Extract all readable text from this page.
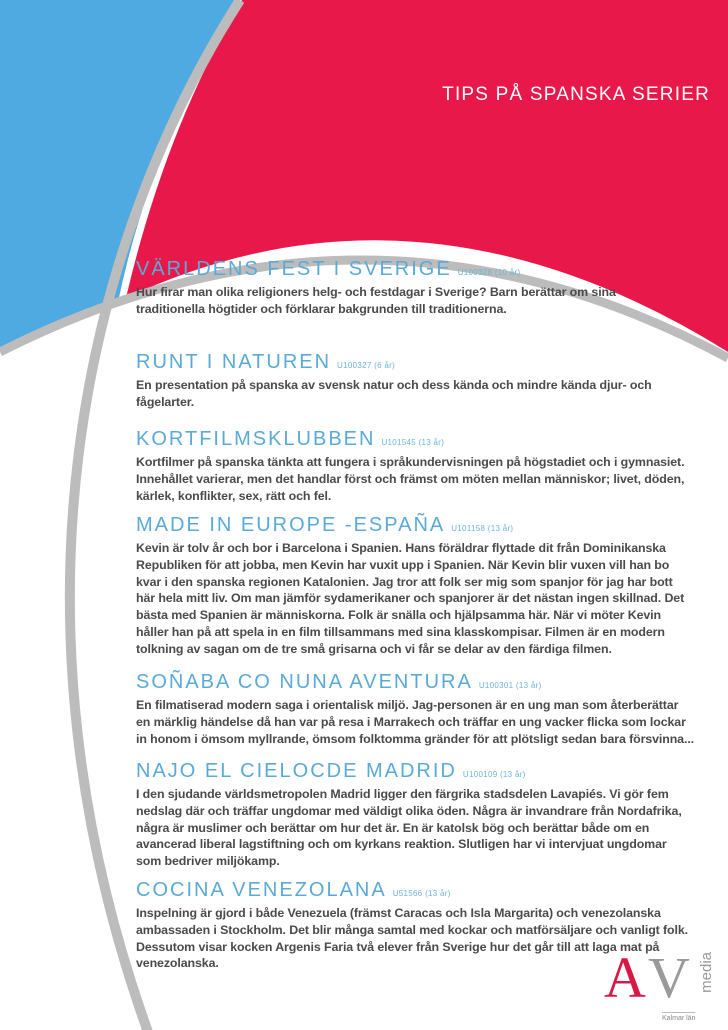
TIPS PÅ SPANSKA SERIER
VÄRLDENS FEST I SVERIGE U100328 (10 år)
Hur firar man olika religioners helg- och festdagar i Sverige? Barn berättar om sina
traditionella högtider och förklarar bakgrunden till traditionerna.
RUNT I NATUREN U100327 (6 år)
En presentation på spanska av svensk natur och dess kända och mindre kända djur- och
fågelarter.
KORTFILMSKLUBBEN U101545 (13 år)
Kortfilmer på spanska tänkta att fungera i språkundervisningen på högstadiet och i gymnasiet.
Innehållet varierar, men det handlar först och främst om möten mellan människor; livet, döden,
kärlek, konflikter, sex, rätt och fel.
MADE IN EUROPE -ESPAÑA U101158 (13 år)
Kevin är tolv år och bor i Barcelona i Spanien. Hans föräldrar flyttade dit från Dominikanska
Republiken för att jobba, men Kevin har vuxit upp i Spanien. När Kevin blir vuxen vill han bo
kvar i den spanska regionen Katalonien. Jag tror att folk ser mig som spanjor för jag har bott
här hela mitt liv. Om man jämför sydamerikaner och spanjorer är det nästan ingen skillnad. Det
bästa med Spanien är människorna. Folk är snälla och hjälpsamma här. När vi möter Kevin
håller han på att spela in en film tillsammans med sina klasskompisar. Filmen är en modern
tolkning av sagan om de tre små grisarna och vi får se delar av den färdiga filmen.
SOÑABA CO NUNA AVENTURA U100301 (13 år)
En filmatiserad modern saga i orientalisk miljö. Jag-personen är en ung man som återberättar
en märklig händelse då han var på resa i Marrakech och träffar en ung vacker flicka som lockar
in honom i ömsom myllrande, ömsom folktomma gränder för att plötsligt sedan bara försvinna...
NAJO EL CIELOCDE MADRID U100109 (13 år)
I den sjudande världsmetropolen Madrid ligger den färgrika stadsdelen Lavapiés. Vi gör fem
nedslag där och träffar ungdomar med väldigt olika öden. Några är invandrare från Nordafrika,
några är muslimer och berättar om hur det är. En är katolsk bög och berättar både om en
avancerad liberal lagstiftning och om kyrkans reaktion. Slutligen har vi intervjuat ungdomar
som bedriver miljökamp.
COCINA VENEZOLANA U51566 (13 år)
Inspelning är gjord i både Venezuela (främst Caracas och Isla Margarita) och venezolanska
ambassaden i Stockholm. Det blir många samtal med kockar och matförsäljare och vanligt folk.
Dessutom visar kocken Argenis Faria två elever från Sverige hur det går till att laga mat på
venezolanska.	A V media
Kalmar län
